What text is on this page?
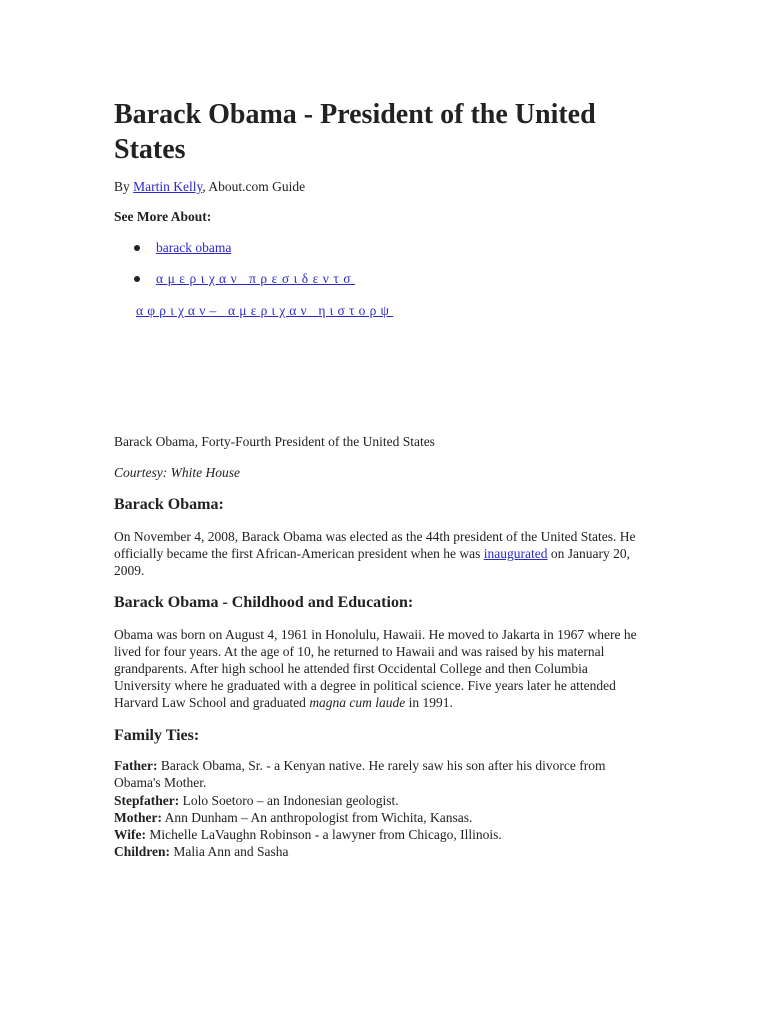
Barack Obama - President of the United States
By Martin Kelly, About.com Guide
See More About:
barack obama
αμεριχαν πρεσιδεντσ
αφριχαν– αμεριχαν ηιστορψ
Barack Obama, Forty-Fourth President of the United States
Courtesy: White House
Barack Obama:

On November 4, 2008, Barack Obama was elected as the 44th president of the United States. He officially became the first African-American president when he was inaugurated on January 20, 2009.

Barack Obama - Childhood and Education:

Obama was born on August 4, 1961 in Honolulu, Hawaii. He moved to Jakarta in 1967 where he lived for four years. At the age of 10, he returned to Hawaii and was raised by his maternal grandparents. After high school he attended first Occidental College and then Columbia University where he graduated with a degree in political science. Five years later he attended Harvard Law School and graduated magna cum laude in 1991.

Family Ties:
Father: Barack Obama, Sr. - a Kenyan native. He rarely saw his son after his divorce from Obama's Mother.
Stepfather: Lolo Soetoro – an Indonesian geologist.
Mother: Ann Dunham – An anthropologist from Wichita, Kansas.
Wife: Michelle LaVaughn Robinson - a lawyner from Chicago, Illinois.
Children: Malia Ann and Sasha
